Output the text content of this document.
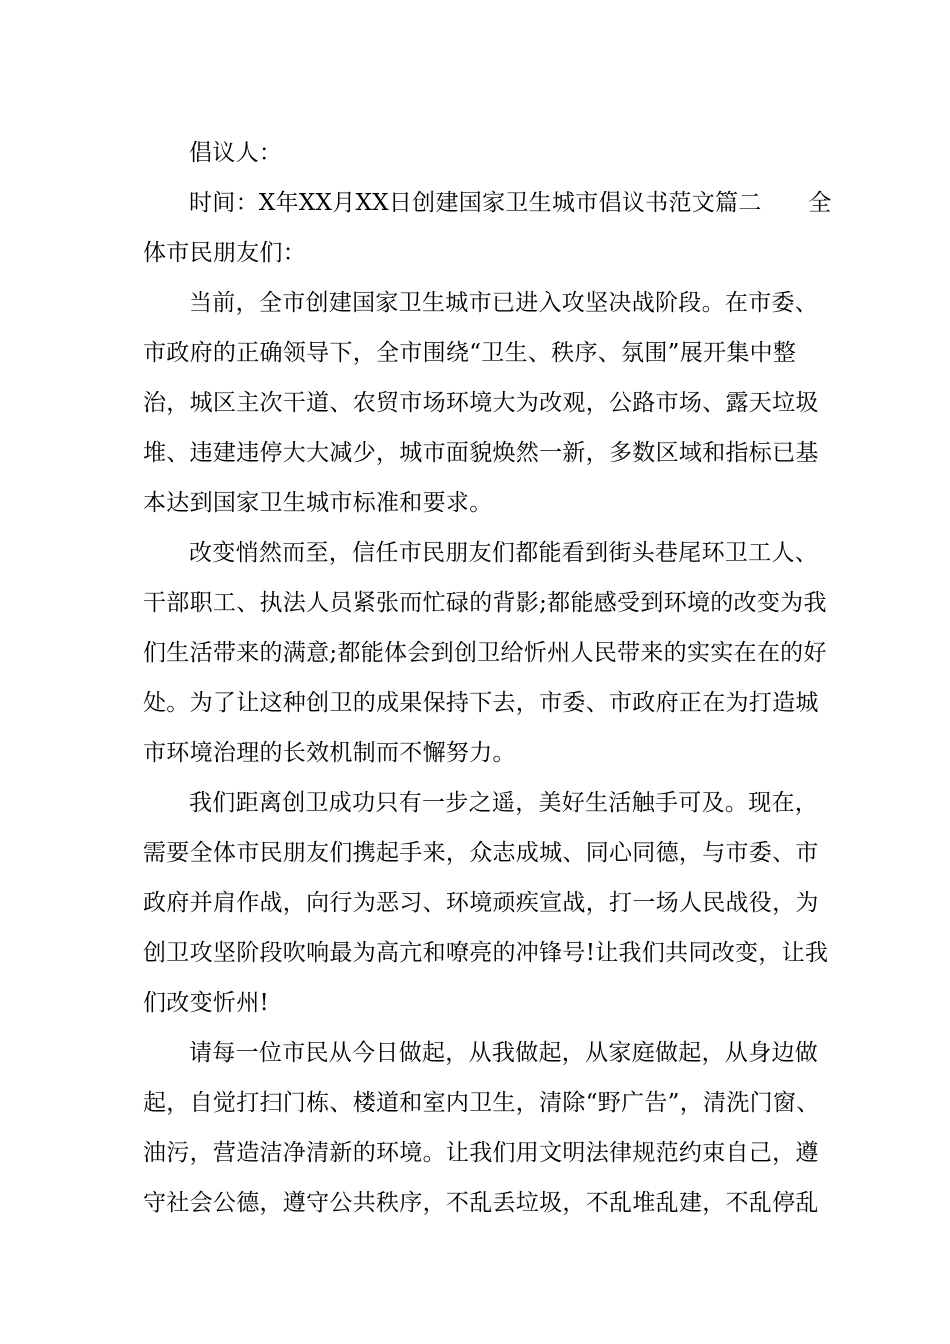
倡议人：

时间：X年XX月XX日创建国家卫生城市倡议书范文篇二　　全
体市民朋友们：

当前，全市创建国家卫生城市已进入攻坚决战阶段。在市委、
市政府的正确领导下，全市围绕“卫生、秩序、氛围”展开集中整
治，城区主次干道、农贸市场环境大为改观，公路市场、露天垃圾
堆、违建违停大大减少，城市面貌焕然一新，多数区域和指标已基
本达到国家卫生城市标准和要求。

改变悄然而至，信任市民朋友们都能看到街头巷尾环卫工人、
干部职工、执法人员紧张而忙碌的背影;都能感受到环境的改变为我
们生活带来的满意;都能体会到创卫给忻州人民带来的实实在在的好
处。为了让这种创卫的成果保持下去，市委、市政府正在为打造城
市环境治理的长效机制而不懈努力。

我们距离创卫成功只有一步之遥，美好生活触手可及。现在，
需要全体市民朋友们携起手来，众志成城、同心同德，与市委、市
政府并肩作战，向行为恶习、环境顽疾宣战，打一场人民战役，为
创卫攻坚阶段吹响最为高亢和嘹亮的冲锋号!让我们共同改变，让我
们改变忻州!

请每一位市民从今日做起，从我做起，从家庭做起，从身边做
起，自觉打扫门栋、楼道和室内卫生，清除“野广告”，清洗门窗、
油污，营造洁净清新的环境。让我们用文明法律规范约束自己，遵
守社会公德，遵守公共秩序，不乱丢垃圾，不乱堆乱建，不乱停乱
